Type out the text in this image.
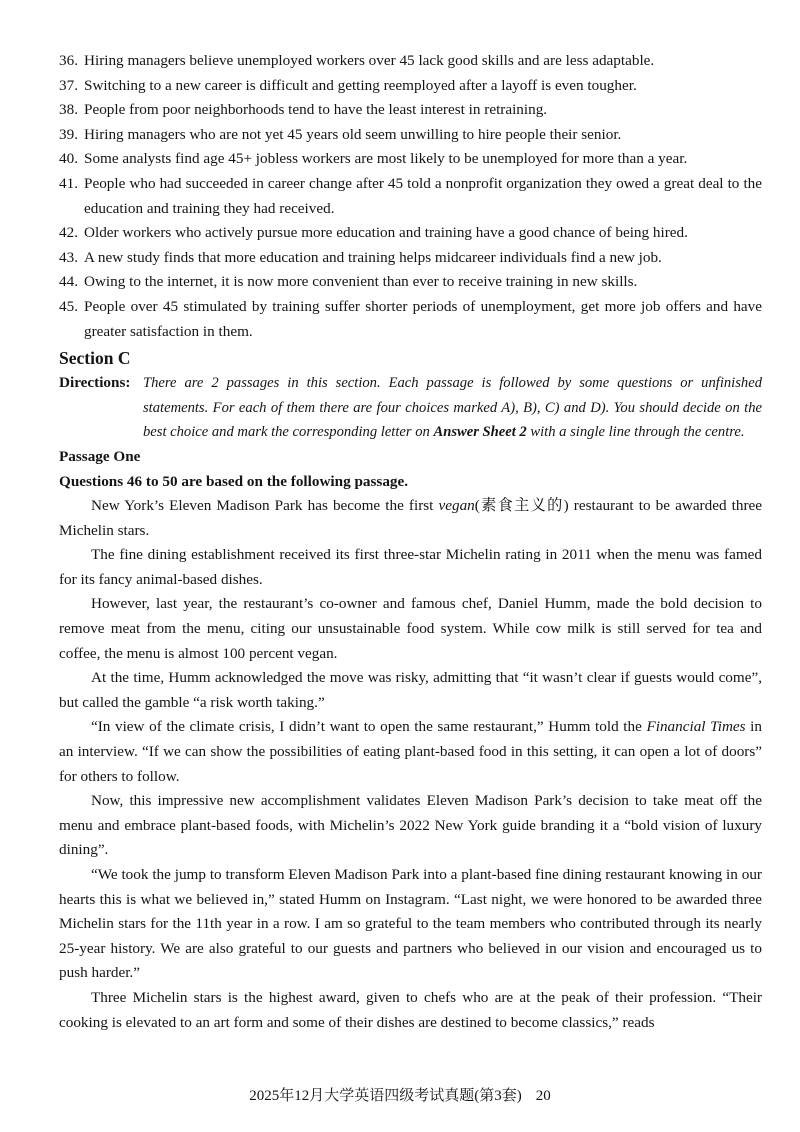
36. Hiring managers believe unemployed workers over 45 lack good skills and are less adaptable.
37. Switching to a new career is difficult and getting reemployed after a layoff is even tougher.
38. People from poor neighborhoods tend to have the least interest in retraining.
39. Hiring managers who are not yet 45 years old seem unwilling to hire people their senior.
40. Some analysts find age 45+ jobless workers are most likely to be unemployed for more than a year.
41. People who had succeeded in career change after 45 told a nonprofit organization they owed a great deal to the education and training they had received.
42. Older workers who actively pursue more education and training have a good chance of being hired.
43. A new study finds that more education and training helps midcareer individuals find a new job.
44. Owing to the internet, it is now more convenient than ever to receive training in new skills.
45. People over 45 stimulated by training suffer shorter periods of unemployment, get more job offers and have greater satisfaction in them.
Section C
Directions: There are 2 passages in this section. Each passage is followed by some questions or unfinished statements. For each of them there are four choices marked A), B), C) and D). You should decide on the best choice and mark the corresponding letter on Answer Sheet 2 with a single line through the centre.
Passage One
Questions 46 to 50 are based on the following passage.
New York’s Eleven Madison Park has become the first vegan(素食主义的) restaurant to be awarded three Michelin stars.
The fine dining establishment received its first three-star Michelin rating in 2011 when the menu was famed for its fancy animal-based dishes.
However, last year, the restaurant’s co-owner and famous chef, Daniel Humm, made the bold decision to remove meat from the menu, citing our unsustainable food system. While cow milk is still served for tea and coffee, the menu is almost 100 percent vegan.
At the time, Humm acknowledged the move was risky, admitting that “it wasn’t clear if guests would come”, but called the gamble “a risk worth taking.”
“In view of the climate crisis, I didn’t want to open the same restaurant,” Humm told the Financial Times in an interview. “If we can show the possibilities of eating plant-based food in this setting, it can open a lot of doors” for others to follow.
Now, this impressive new accomplishment validates Eleven Madison Park’s decision to take meat off the menu and embrace plant-based foods, with Michelin’s 2022 New York guide branding it a “bold vision of luxury dining”.
“We took the jump to transform Eleven Madison Park into a plant-based fine dining restaurant knowing in our hearts this is what we believed in,” stated Humm on Instagram. “Last night, we were honored to be awarded three Michelin stars for the 11th year in a row. I am so grateful to the team members who contributed through its nearly 25-year history. We are also grateful to our guests and partners who believed in our vision and encouraged us to push harder.”
Three Michelin stars is the highest award, given to chefs who are at the peak of their profession. “Their cooking is elevated to an art form and some of their dishes are destined to become classics,” reads
2025年12月大学英语四级考试真题(第3套) 20
